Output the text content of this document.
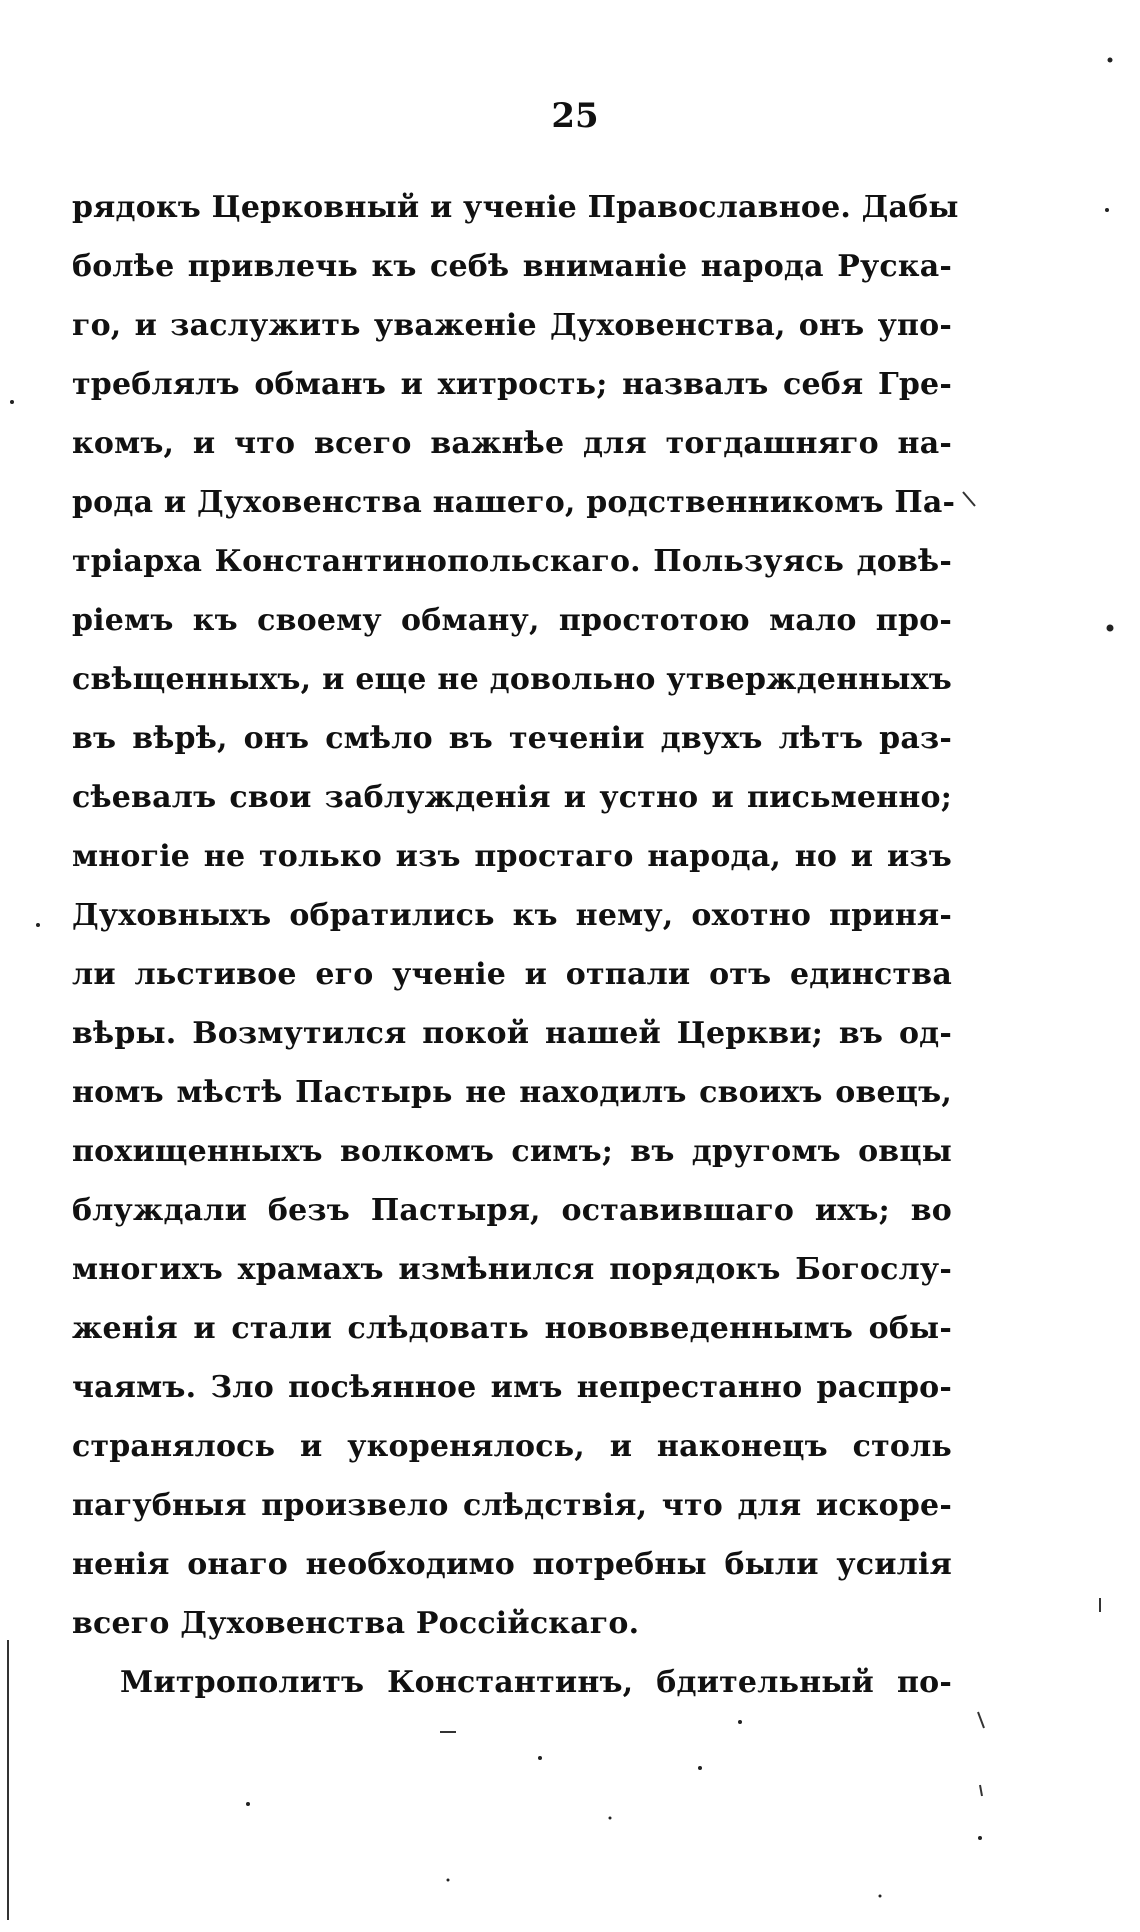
25
рядокъ Церковный и ученіе Православное. Дабы
болѣе привлечь къ себѣ вниманіе народа Руска-
го, и заслужить уваженіе Духовенства, онъ упо-
треблялъ обманъ и хитрость; назвалъ себя Гре-
комъ, и что всего важнѣе для тогдашняго на-
рода и Духовенства нашего, родственникомъ Па-
тріарха Константинопольскаго. Пользуясь довѣ-
ріемъ къ своему обману, простотою мало про-
свѣщенныхъ, и еще не довольно утвержденныхъ
въ вѣрѣ, онъ смѣло въ теченіи двухъ лѣтъ раз-
сѣевалъ свои заблужденія и устно и письменно;
многіе не только изъ простаго народа, но и изъ
Духовныхъ обратились къ нему, охотно приня-
ли льстивое его ученіе и отпали отъ единства
вѣры. Возмутился покой нашей Церкви; въ од-
номъ мѣстѣ Пастырь не находилъ своихъ овецъ,
похищенныхъ волкомъ симъ; въ другомъ овцы
блуждали безъ Пастыря, оставившаго ихъ; во
многихъ храмахъ измѣнился порядокъ Богослу-
женія и стали слѣдовать нововведеннымъ обы-
чаямъ. Зло посѣянное имъ непрестанно распро-
странялось и укоренялось, и наконецъ столь
пагубныя произвело слѣдствія, что для искоре-
ненія онаго необходимо потребны были усилія
всего Духовенства Россійскаго.
Митрополитъ Константинъ, бдительный по-
